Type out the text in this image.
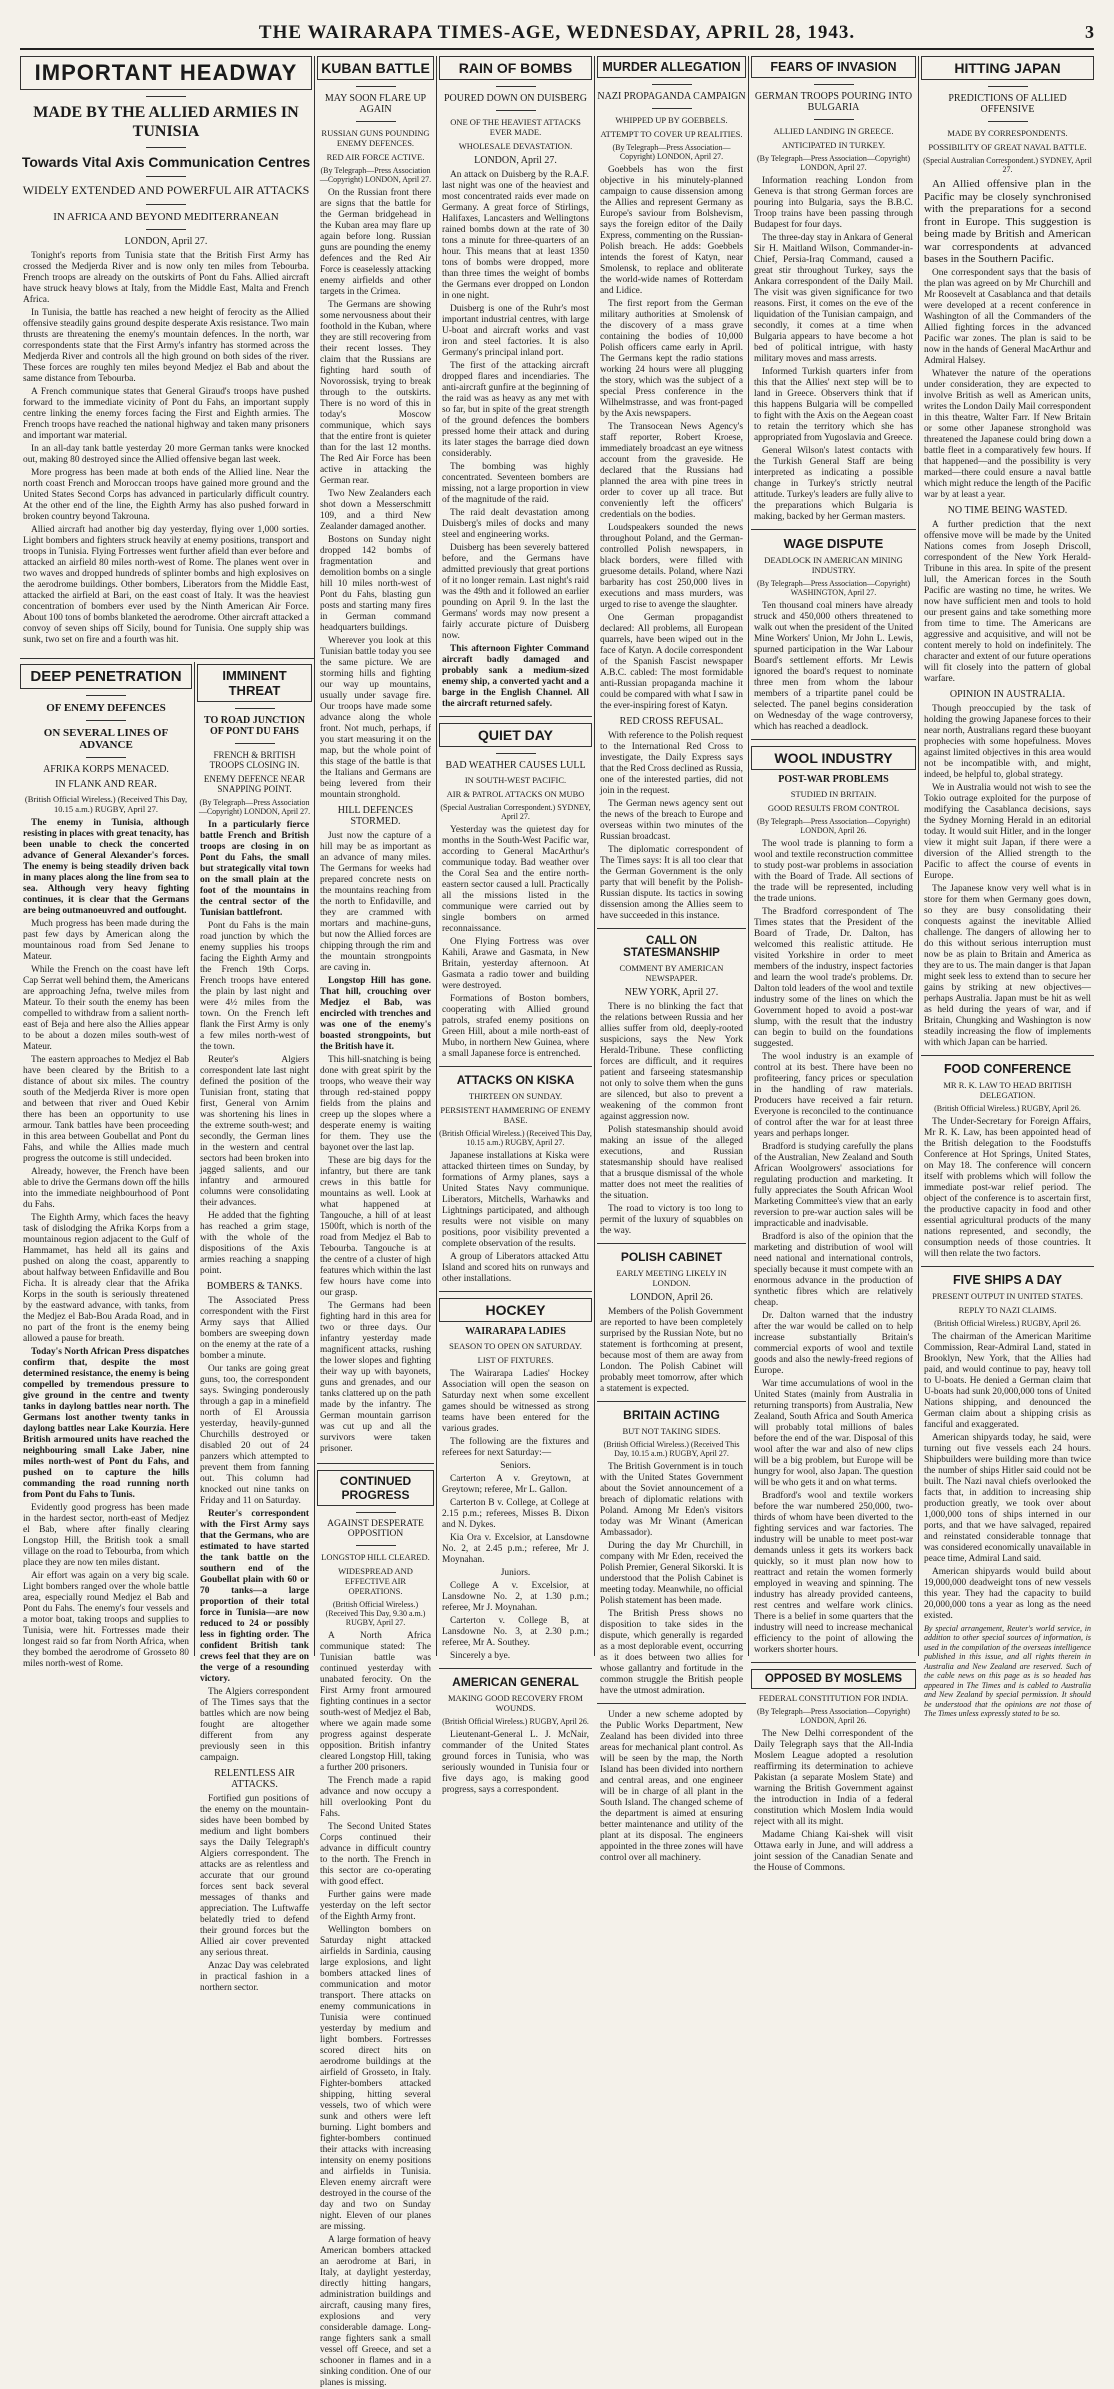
THE WAIRARAPA TIMES-AGE, WEDNESDAY, APRIL 28, 1943.	3
IMPORTANT HEADWAY
MADE BY THE ALLIED ARMIES IN TUNISIA
Towards Vital Axis Communication Centres
WIDELY EXTENDED AND POWERFUL AIR ATTACKS
IN AFRICA AND BEYOND MEDITERRANEAN
LONDON, April 27.

Tonight's reports from Tunisia state that the British First Army has crossed the Medjerda River and is now only ten miles from Tebourba. French troops are already on the outskirts of Pont du Fahs. Allied aircraft have struck heavy blows at Italy, from the Middle East, Malta and French Africa.

In Tunisia, the battle has reached a new height of ferocity as the Allied offensive steadily gains ground despite desperate Axis resistance. Two main thrusts are threatening the enemy's mountain defences. In the north, war correspondents state that the First Army's infantry has stormed across the Medjerda River and controls all the high ground on both sides of the river. These forces are roughly ten miles beyond Medjez el Bab and about the same distance from Tebourba.

A French communique states that General Giraud's troops have pushed forward to the immediate vicinity of Pont du Fahs, an important supply centre linking the enemy forces facing the First and Eighth armies. The French troops have reached the national highway and taken many prisoners and important war material.

In an all-day tank battle yesterday 20 more German tanks were knocked out, making 80 destroyed since the Allied offensive began last week.

More progress has been made at both ends of the Allied line. Near the north coast French and Moroccan troops have gained more ground and the United States Second Corps has advanced in particularly difficult country. At the other end of the line, the Eighth Army has also pushed forward in broken country beyond Takrouna.

Allied aircraft had another big day yesterday, flying over 1,000 sorties. Light bombers and fighters struck heavily at enemy positions, transport and troops in Tunisia. Flying Fortresses went further afield than ever before and attacked an airfield 80 miles north-west of Rome. The planes went over in two waves and dropped hundreds of splinter bombs and high explosives on the aerodrome buildings. Other bombers, Liberators from the Middle East, attacked the airfield at Bari, on the east coast of Italy. It was the heaviest concentration of bombers ever used by the Ninth American Air Force. About 100 tons of bombs blanketed the aerodrome. Other aircraft attacked a convoy of seven ships off Sicily, bound for Tunisia. One supply ship was sunk, two set on fire and a fourth was hit.

DEEP PENETRATION
OF ENEMY DEFENCES
ON SEVERAL LINES OF ADVANCE
AFRIKA KORPS MENACED.
IN FLANK AND REAR.
(British Official Wireless.) (Received This Day, 10.15 a.m.) RUGBY, April 27.

The enemy in Tunisia, although resisting in places with great tenacity, has been unable to check the concerted advance of General Alexander's forces. The enemy is being steadily driven back in many places along the line from sea to sea. Although very heavy fighting continues, it is clear that the Germans are being outmanoeuvred and outfought.

Much progress has been made during the past few days by American along the mountainous road from Sed Jenane to Mateur.

While the French on the coast have left Cap Serrat well behind them, the Americans are approaching Jefna, twelve miles from Mateur. To their south the enemy has been compelled to withdraw from a salient north-east of Beja and here also the Allies appear to be about a dozen miles south-west of Mateur.

The eastern approaches to Medjez el Bab have been cleared by the British to a distance of about six miles. The country south of the Medjerda River is more open and between that river and Oued Kebir there has been an opportunity to use armour. Tank battles have been proceeding in this area between Goubellat and Pont du Fahs, and while the Allies made much progress the outcome is still undecided.

Already, however, the French have been able to drive the Germans down off the hills into the immediate neighbourhood of Pont du Fahs.

The Eighth Army, which faces the heavy task of dislodging the Afrika Korps from a mountainous region adjacent to the Gulf of Hammamet, has held all its gains and pushed on along the coast, apparently to about halfway between Enfidaville and Bou Ficha. It is already clear that the Afrika Korps in the south is seriously threatened by the eastward advance, with tanks, from the Medjez el Bab-Bou Arada Road, and in no part of the front is the enemy being allowed a pause for breath.

Today's North African Press dispatches confirm that, despite the most determined resistance, the enemy is being compelled by tremendous pressure to give ground in the centre and twenty tanks in daylong battles near north. The Germans lost another twenty tanks in daylong battles near Lake Kourzia. Here British armoured units have reached the neighbouring small Lake Jaber, nine miles north-west of Pont du Fahs, and pushed on to capture the hills commanding the road running north from Pont du Fahs to Tunis.

Evidently good progress has been made in the hardest sector, north-east of Medjez el Bab, where after finally clearing Longstop Hill, the British took a small village on the road to Tebourba, from which place they are now ten miles distant.

Air effort was again on a very big scale. Light bombers ranged over the whole battle area, especially round Medjez el Bab and Pont du Fahs. The enemy's four vessels and a motor boat, taking troops and supplies to Tunisia, were hit. Fortresses made their longest raid so far from North Africa, when they bombed the aerodrome of Grosseto 80 miles north-west of Rome.

IMMINENT THREAT
TO ROAD JUNCTION OF PONT DU FAHS
FRENCH & BRITISH TROOPS CLOSING IN.
ENEMY DEFENCE NEAR SNAPPING POINT.
(By Telegraph—Press Association—Copyright) LONDON, April 27.

In a particularly fierce battle French and British troops are closing in on Pont du Fahs, the small but strategically vital town on the small plain at the foot of the mountains in the central sector of the Tunisian battlefront.

Pont du Fahs is the main road junction by which the enemy supplies his troops facing the Eighth Army and the French 19th Corps. French troops have entered the plain by last night and were 4½ miles from the town. On the French left flank the First Army is only a few miles north-west of the town.

Reuter's Algiers correspondent late last night defined the position of the Tunisian front, stating that first, General von Arnim was shortening his lines in the extreme south-west; and secondly, the German lines in the western and central sectors had been broken into jagged salients, and our infantry and armoured columns were consolidating their advances.

He added that the fighting has reached a grim stage, with the whole of the dispositions of the Axis armies reaching a snapping point.

BOMBERS & TANKS.

The Associated Press correspondent with the First Army says that Allied bombers are sweeping down on the enemy at the rate of a bomber a minute.

Our tanks are going great guns, too, the correspondent says. Swinging ponderously through a gap in a minefield north of El Aroussia yesterday, heavily-gunned Churchills destroyed or disabled 20 out of 24 panzers which attempted to prevent them from fanning out. This column had knocked out nine tanks on Friday and 11 on Saturday.

Reuter's correspondent with the First Army says that the Germans, who are estimated to have started the tank battle on the southern end of the Goubellat plain with 60 or 70 tanks—a large proportion of their total force in Tunisia—are now reduced to 24 or possibly less in fighting order. The confident British tank crews feel that they are on the verge of a resounding victory.

The Algiers correspondent of The Times says that the battles which are now being fought are altogether different from any previously seen in this campaign.

RELENTLESS AIR ATTACKS.

Fortified gun positions of the enemy on the mountain-sides have been bombed by medium and light bombers says the Daily Telegraph's Algiers correspondent. The attacks are as relentless and accurate that our ground forces sent back several messages of thanks and appreciation. The Luftwaffe belatedly tried to defend their ground forces but the Allied air cover prevented any serious threat.

Anzac Day was celebrated in practical fashion in a northern sector.

KUBAN BATTLE
MAY SOON FLARE UP AGAIN
RUSSIAN GUNS POUNDING ENEMY DEFENCES.
RED AIR FORCE ACTIVE.
(By Telegraph—Press Association—Copyright) LONDON, April 27.

On the Russian front there are signs that the battle for the German bridgehead in the Kuban area may flare up again before long. Russian guns are pounding the enemy defences and the Red Air Force is ceaselessly attacking enemy airfields and other targets in the Crimea.

The Germans are showing some nervousness about their foothold in the Kuban, where they are still recovering from their recent losses. They claim that the Russians are fighting hard south of Novorossisk, trying to break through to the outskirts. There is no word of this in today's Moscow communique, which says that the entire front is quieter than for the last 12 months. The Red Air Force has been active in attacking the German rear.

Two New Zealanders each shot down a Messerschmitt 109, and a third New Zealander damaged another.

Bostons on Sunday night dropped 142 bombs of fragmentation and demolition bombs on a single hill 10 miles north-west of Pont du Fahs, blasting gun posts and starting many fires in German command headquarters buildings.

Wherever you look at this Tunisian battle today you see the same picture. We are storming hills and fighting our way up mountains, usually under savage fire. Our troops have made some advance along the whole front. Not much, perhaps, if you start measuring it on the map, but the whole point of this stage of the battle is that the Italians and Germans are being levered from their mountain stronghold.

HILL DEFENCES STORMED.

Just now the capture of a hill may be as important as an advance of many miles. The Germans for weeks had prepared concrete nests on the mountains reaching from the north to Enfidaville, and they are crammed with mortars and machine-guns, but now the Allied forces are chipping through the rim and the mountain strongpoints are caving in.

Longstop Hill has gone. That hill, crouching over Medjez el Bab, was encircled with trenches and was one of the enemy's boasted strongpoints, but the British have it.

This hill-snatching is being done with great spirit by the troops, who weave their way through red-stained poppy fields from the plains and creep up the slopes where a desperate enemy is waiting for them. They use the bayonet over the last lap.

These are big days for the infantry, but there are tank crews in this battle for mountains as well. Look at what happened at Tangouche, a hill of at least 1500ft, which is north of the road from Medjez el Bab to Tebourba. Tangouche is at the centre of a cluster of high features which within the last few hours have come into our grasp.

The Germans had been fighting hard in this area for two or three days. Our infantry yesterday made magnificent attacks, rushing the lower slopes and fighting their way up with bayonets, guns and grenades, and our tanks clattered up on the path made by the infantry. The German mountain garrison was cut up and all the survivors were taken prisoner.

CONTINUED PROGRESS
AGAINST DESPERATE OPPOSITION
LONGSTOP HILL CLEARED.
WIDESPREAD AND EFFECTIVE AIR OPERATIONS.
(British Official Wireless.) (Received This Day, 9.30 a.m.) RUGBY, April 27.

A North Africa communique stated: The Tunisian battle was continued yesterday with unabated ferocity. On the First Army front armoured fighting continues in a sector south-west of Medjez el Bab, where we again made some progress against desperate opposition. British infantry cleared Longstop Hill, taking a further 200 prisoners.

The French made a rapid advance and now occupy a hill overlooking Pont du Fahs.

The Second United States Corps continued their advance in difficult country to the north. The French in this sector are co-operating with good effect.

Further gains were made yesterday on the left sector of the Eighth Army front.

Wellington bombers on Saturday night attacked airfields in Sardinia, causing large explosions, and light bombers attacked lines of communication and motor transport. There attacks on enemy communications in Tunisia were continued yesterday by medium and light bombers. Fortresses scored direct hits on aerodrome buildings at the airfield of Grosseto, in Italy. Fighter-bombers attacked shipping, hitting several vessels, two of which were sunk and others were left burning. Light bombers and fighter-bombers continued their attacks with increasing intensity on enemy positions and airfields in Tunisia. Eleven enemy aircraft were destroyed in the course of the day and two on Sunday night. Eleven of our planes are missing.

A large formation of heavy American bombers attacked an aerodrome at Bari, in Italy, at daylight yesterday, directly hitting hangars, administration buildings and aircraft, causing many fires, explosions and very considerable damage. Long-range fighters sank a small vessel off Greece, and set a schooner in flames and in a sinking condition. One of our planes is missing.

RAIN OF BOMBS
POURED DOWN ON DUISBERG
ONE OF THE HEAVIEST ATTACKS EVER MADE.
WHOLESALE DEVASTATION.
LONDON, April 27.

An attack on Duisberg by the R.A.F. last night was one of the heaviest and most concentrated raids ever made on Germany. A great force of Stirlings, Halifaxes, Lancasters and Wellingtons rained bombs down at the rate of 30 tons a minute for three-quarters of an hour. This means that at least 1350 tons of bombs were dropped, more than three times the weight of bombs the Germans ever dropped on London in one night.

Duisberg is one of the Ruhr's most important industrial centres, with large U-boat and aircraft works and vast iron and steel factories. It is also Germany's principal inland port.

The first of the attacking aircraft dropped flares and incendiaries. The anti-aircraft gunfire at the beginning of the raid was as heavy as any met with so far, but in spite of the great strength of the ground defences the bombers pressed home their attack and during its later stages the barrage died down considerably.

The bombing was highly concentrated. Seventeen bombers are missing, not a large proportion in view of the magnitude of the raid.

The raid dealt devastation among Duisberg's miles of docks and many steel and engineering works.

Duisberg has been severely battered before, and the Germans have admitted previously that great portions of it no longer remain. Last night's raid was the 49th and it followed an earlier pounding on April 9. In the last the Germans' words may now present a fairly accurate picture of Duisberg now.

This afternoon Fighter Command aircraft badly damaged and probably sank a medium-sized enemy ship, a converted yacht and a barge in the English Channel. All the aircraft returned safely.

QUIET DAY
BAD WEATHER CAUSES LULL
IN SOUTH-WEST PACIFIC.
AIR & PATROL ATTACKS ON MUBO
(Special Australian Correspondent.) SYDNEY, April 27.

Yesterday was the quietest day for months in the South-West Pacific war, according to General MacArthur's communique today. Bad weather over the Coral Sea and the entire north-eastern sector caused a lull. Practically all the missions listed in the communique were carried out by single bombers on armed reconnaissance.

One Flying Fortress was over Kahili, Arawe and Gasmata, in New Britain, yesterday afternoon. At Gasmata a radio tower and building were destroyed.

Formations of Boston bombers, cooperating with Allied ground patrols, strafed enemy positions on Green Hill, about a mile north-east of Mubo, in northern New Guinea, where a small Japanese force is entrenched.

ATTACKS ON KISKA
THIRTEEN ON SUNDAY.
PERSISTENT HAMMERING OF ENEMY BASE.
(British Official Wireless.) (Received This Day, 10.15 a.m.) RUGBY, April 27.

Japanese installations at Kiska were attacked thirteen times on Sunday, by formations of Army planes, says a United States Navy communique. Liberators, Mitchells, Warhawks and Lightnings participated, and although results were not visible on many positions, poor visibility prevented a complete observation of the results.

A group of Liberators attacked Attu Island and scored hits on runways and other installations.

HOCKEY
WAIRARAPA LADIES
SEASON TO OPEN ON SATURDAY.
LIST OF FIXTURES.

The Wairarapa Ladies' Hockey Association will open the season on Saturday next when some excellent games should be witnessed as strong teams have been entered for the various grades.

The following are the fixtures and referees for next Saturday:—

Seniors.

Carterton A v. Greytown, at Greytown; referee, Mr L. Gallon.

Carterton B v. College, at College at 2.15 p.m.; referees, Misses B. Dixon and N. Dykes.

Kia Ora v. Excelsior, at Lansdowne No. 2, at 2.45 p.m.; referee, Mr J. Moynahan.

Juniors.

College A v. Excelsior, at Lansdowne No. 2, at 1.30 p.m.; referee, Mr J. Moynahan.

Carterton v. College B, at Lansdowne No. 3, at 2.30 p.m.; referee, Mr A. Southey.

Sincerely a bye.

AMERICAN GENERAL
MAKING GOOD RECOVERY FROM WOUNDS.
(British Official Wireless.) RUGBY, April 26.

Lieutenant-General L. J. McNair, commander of the United States ground forces in Tunisia, who was seriously wounded in Tunisia four or five days ago, is making good progress, says a correspondent.

MURDER ALLEGATION
NAZI PROPAGANDA CAMPAIGN
WHIPPED UP BY GOEBBELS.
ATTEMPT TO COVER UP REALITIES.
(By Telegraph—Press Association—Copyright) LONDON, April 27.

Goebbels has won the first objective in his minutely-planned campaign to cause dissension among the Allies and represent Germany as Europe's saviour from Bolshevism, says the foreign editor of the Daily Express, commenting on the Russian-Polish breach. He adds: Goebbels intends the forest of Katyn, near Smolensk, to replace and obliterate the world-wide names of Rotterdam and Lidice.

The first report from the German military authorities at Smolensk of the discovery of a mass grave containing the bodies of 10,000 Polish officers came early in April. The Germans kept the radio stations working 24 hours were all plugging the story, which was the subject of a special Press conference in the Wilhelmstrasse, and was front-paged by the Axis newspapers.

The Transocean News Agency's staff reporter, Robert Kroese, immediately broadcast an eye witness account from the graveside. He declared that the Russians had planned the area with pine trees in order to cover up all trace. But conveniently left the officers' credentials on the bodies.

Loudspeakers sounded the news throughout Poland, and the German-controlled Polish newspapers, in black borders, were filled with gruesome details. Poland, where Nazi barbarity has cost 250,000 lives in executions and mass murders, was urged to rise to avenge the slaughter.

One German propagandist declared: All problems, all European quarrels, have been wiped out in the face of Katyn. A docile correspondent of the Spanish Fascist newspaper A.B.C. cabled: The most formidable anti-Russian propaganda machine it could be compared with what I saw in the ever-inspiring forest of Katyn.

RED CROSS REFUSAL.

With reference to the Polish request to the International Red Cross to investigate, the Daily Express says that the Red Cross declined as Russia, one of the interested parties, did not join in the request.

The German news agency sent out the news of the breach to Europe and overseas within two minutes of the Russian broadcast.

The diplomatic correspondent of The Times says: It is all too clear that the German Government is the only party that will benefit by the Polish-Russian dispute. Its tactics in sowing dissension among the Allies seem to have succeeded in this instance.

CALL ON STATESMANSHIP
COMMENT BY AMERICAN NEWSPAPER.
NEW YORK, April 27.

There is no blinking the fact that the relations between Russia and her allies suffer from old, deeply-rooted suspicions, says the New York Herald-Tribune. These conflicting forces are difficult, and it requires patient and farseeing statesmanship not only to solve them when the guns are silenced, but also to prevent a weakening of the common front against aggression now.

Polish statesmanship should avoid making an issue of the alleged executions, and Russian statesmanship should have realised that a brusque dismissal of the whole matter does not meet the realities of the situation.

The road to victory is too long to permit of the luxury of squabbles on the way.

POLISH CABINET
EARLY MEETING LIKELY IN LONDON.
LONDON, April 26.

Members of the Polish Government are reported to have been completely surprised by the Russian Note, but no statement is forthcoming at present, because most of them are away from London. The Polish Cabinet will probably meet tomorrow, after which a statement is expected.

BRITAIN ACTING
BUT NOT TAKING SIDES.
(British Official Wireless.) (Received This Day, 10.15 a.m.) RUGBY, April 27.

The British Government is in touch with the United States Government about the Soviet announcement of a breach of diplomatic relations with Poland. Among Mr Eden's visitors today was Mr Winant (American Ambassador).

During the day Mr Churchill, in company with Mr Eden, received the Polish Premier, General Sikorski. It is understood that the Polish Cabinet is meeting today. Meanwhile, no official Polish statement has been made.

The British Press shows no disposition to take sides in the dispute, which generally is regarded as a most deplorable event, occurring as it does between two allies for whose gallantry and fortitude in the common struggle the British people have the utmost admiration.

Under a new scheme adopted by the Public Works Department, New Zealand has been divided into three areas for mechanical plant control. As will be seen by the map, the North Island has been divided into northern and central areas, and one engineer will be in charge of all plant in the South Island. The changed scheme of the department is aimed at ensuring better maintenance and utility of the plant at its disposal. The engineers appointed in the three zones will have control over all machinery.

FEARS OF INVASION
GERMAN TROOPS POURING INTO BULGARIA
ALLIED LANDING IN GREECE.
ANTICIPATED IN TURKEY.
(By Telegraph—Press Association—Copyright) LONDON, April 27.

Information reaching London from Geneva is that strong German forces are pouring into Bulgaria, says the B.B.C. Troop trains have been passing through Budapest for four days.

The three-day stay in Ankara of General Sir H. Maitland Wilson, Commander-in-Chief, Persia-Iraq Command, caused a great stir throughout Turkey, says the Ankara correspondent of the Daily Mail. The visit was given significance for two reasons. First, it comes on the eve of the liquidation of the Tunisian campaign, and secondly, it comes at a time when Bulgaria appears to have become a hot bed of political intrigue, with hasty military moves and mass arrests.

Informed Turkish quarters infer from this that the Allies' next step will be to land in Greece. Observers think that if this happens Bulgaria will be compelled to fight with the Axis on the Aegean coast to retain the territory which she has appropriated from Yugoslavia and Greece.

General Wilson's latest contacts with the Turkish General Staff are being interpreted as indicating a possible change in Turkey's strictly neutral attitude. Turkey's leaders are fully alive to the preparations which Bulgaria is making, backed by her German masters.

WAGE DISPUTE
DEADLOCK IN AMERICAN MINING INDUSTRY.
(By Telegraph—Press Association—Copyright) WASHINGTON, April 27.

Ten thousand coal miners have already struck and 450,000 others threatened to walk out when the president of the United Mine Workers' Union, Mr John L. Lewis, spurned participation in the War Labour Board's settlement efforts. Mr Lewis ignored the board's request to nominate three men from whom the labour members of a tripartite panel could be selected. The panel begins consideration on Wednesday of the wage controversy, which has reached a deadlock.

WOOL INDUSTRY
POST-WAR PROBLEMS
STUDIED IN BRITAIN.
GOOD RESULTS FROM CONTROL
(By Telegraph—Press Association—Copyright) LONDON, April 26.

The wool trade is planning to form a wool and textile reconstruction committee to study post-war problems in association with the Board of Trade. All sections of the trade will be represented, including the trade unions.

The Bradford correspondent of The Times states that the President of the Board of Trade, Dr. Dalton, has welcomed this realistic attitude. He visited Yorkshire in order to meet members of the industry, inspect factories and learn the wool trade's problems. Dr. Dalton told leaders of the wool and textile industry some of the lines on which the Government hoped to avoid a post-war slump, with the result that the industry can begin to build on the foundations suggested.

The wool industry is an example of control at its best. There have been no profiteering, fancy prices or speculation in the handling of raw materials. Producers have received a fair return. Everyone is reconciled to the continuance of control after the war for at least three years and perhaps longer.

Bradford is studying carefully the plans of the Australian, New Zealand and South African Woolgrowers' associations for regulating production and marketing. It fully appreciates the South African Wool Marketing Committee's view that an early reversion to pre-war auction sales will be impracticable and inadvisable.

Bradford is also of the opinion that the marketing and distribution of wool will need national and international controls, specially because it must compete with an enormous advance in the production of synthetic fibres which are relatively cheap.

Dr. Dalton warned that the industry after the war would be called on to help increase substantially Britain's commercial exports of wool and textile goods and also the newly-freed regions of Europe.

War time accumulations of wool in the United States (mainly from Australia in returning transports) from Australia, New Zealand, South Africa and South America will probably total millions of bales before the end of the war. Disposal of this wool after the war and also of new clips will be a big problem, but Europe will be hungry for wool, also Japan. The question will be who gets it and on what terms.

Bradford's wool and textile workers before the war numbered 250,000, two-thirds of whom have been diverted to the fighting services and war factories. The industry will be unable to meet post-war demands unless it gets its workers back quickly, so it must plan now how to reattract and retain the women formerly employed in weaving and spinning. The industry has already provided canteens, rest centres and welfare work clinics. There is a belief in some quarters that the industry will need to increase mechanical efficiency to the point of allowing the workers shorter hours.

OPPOSED BY MOSLEMS
FEDERAL CONSTITUTION FOR INDIA.
(By Telegraph—Press Association—Copyright) LONDON, April 26.

The New Delhi correspondent of the Daily Telegraph says that the All-India Moslem League adopted a resolution reaffirming its determination to achieve Pakistan (a separate Moslem State) and warning the British Government against the introduction in India of a federal constitution which Moslem India would reject with all its might.

Madame Chiang Kai-shek will visit Ottawa early in June, and will address a joint session of the Canadian Senate and the House of Commons.

HITTING JAPAN
PREDICTIONS OF ALLIED OFFENSIVE
MADE BY CORRESPONDENTS.
POSSIBILITY OF GREAT NAVAL BATTLE.
(Special Australian Correspondent.) SYDNEY, April 27.

An Allied offensive plan in the Pacific may be closely synchronised with the preparations for a second front in Europe. This suggestion is being made by British and American war correspondents at advanced bases in the Southern Pacific.

One correspondent says that the basis of the plan was agreed on by Mr Churchill and Mr Roosevelt at Casablanca and that details were developed at a recent conference in Washington of all the Commanders of the Allied fighting forces in the advanced Pacific war zones. The plan is said to be now in the hands of General MacArthur and Admiral Halsey.

Whatever the nature of the operations under consideration, they are expected to involve British as well as American units, writes the London Daily Mail correspondent in this theatre, Walter Farr. If New Britain or some other Japanese stronghold was threatened the Japanese could bring down a battle fleet in a comparatively few hours. If that happened—and the possibility is very marked—there could ensure a naval battle which might reduce the length of the Pacific war by at least a year.

NO TIME BEING WASTED.

A further prediction that the next offensive move will be made by the United Nations comes from Joseph Driscoll, correspondent of the New York Herald-Tribune in this area. In spite of the present lull, the American forces in the South Pacific are wasting no time, he writes. We now have sufficient men and tools to hold our present gains and take something more from time to time. The Americans are aggressive and acquisitive, and will not be content merely to hold on indefinitely. The character and extent of our future operations will fit closely into the pattern of global warfare.

OPINION IN AUSTRALIA.

Though preoccupied by the task of holding the growing Japanese forces to their near north, Australians regard these buoyant prophecies with some hopefulness. Moves against limited objectives in this area would not be incompatible with, and might, indeed, be helpful to, global strategy.

We in Australia would not wish to see the Tokio outrage exploited for the purpose of modifying the Casablanca decisions, says the Sydney Morning Herald in an editorial today. It would suit Hitler, and in the longer view it might suit Japan, if there were a diversion of the Allied strength to the Pacific to affect the course of events in Europe.

The Japanese know very well what is in store for them when Germany goes down, so they are busy consolidating their conquests against the inevitable Allied challenge. The dangers of allowing her to do this without serious interruption must now be as plain to Britain and America as they are to us. The main danger is that Japan might seek less to extend than to secure her gains by striking at new objectives—perhaps Australia. Japan must be hit as well as held during the years of war, and if Britain, Chungking and Washington is now steadily increasing the flow of implements with which Japan can be harried.

FOOD CONFERENCE
MR R. K. LAW TO HEAD BRITISH DELEGATION.
(British Official Wireless.) RUGBY, April 26.

The Under-Secretary for Foreign Affairs, Mr R. K. Law, has been appointed head of the British delegation to the Foodstuffs Conference at Hot Springs, United States, on May 18. The conference will concern itself with problems which will follow the immediate post-war relief period. The object of the conference is to ascertain first, the productive capacity in food and other essential agricultural products of the many nations represented, and secondly, the consumption needs of those countries. It will then relate the two factors.

FIVE SHIPS A DAY
PRESENT OUTPUT IN UNITED STATES.
REPLY TO NAZI CLAIMS.
(British Official Wireless.) RUGBY, April 26.

The chairman of the American Maritime Commission, Rear-Admiral Land, stated in Brooklyn, New York, that the Allies had paid, and would continue to pay, heavy toll to U-boats. He denied a German claim that U-boats had sunk 20,000,000 tons of United Nations shipping, and denounced the German claim about a shipping crisis as fanciful and exaggerated.

American shipyards today, he said, were turning out five vessels each 24 hours. Shipbuilders were building more than twice the number of ships Hitler said could not be built. The Nazi naval chiefs overlooked the facts that, in addition to increasing ship production greatly, we took over about 1,000,000 tons of ships interned in our ports, and that we have salvaged, repaired and reinstated considerable tonnage that was considered economically unavailable in peace time, Admiral Land said.

American shipyards would build about 19,000,000 deadweight tons of new vessels this year. They had the capacity to build 20,000,000 tons a year as long as the need existed.

By special arrangement, Reuter's world service, in addition to other special sources of information, is used in the compilation of the overseas intelligence published in this issue, and all rights therein in Australia and New Zealand are reserved. Such of the cable news on this page as is so headed has appeared in The Times and is cabled to Australia and New Zealand by special permission. It should be understood that the opinions are not those of The Times unless expressly stated to be so.
